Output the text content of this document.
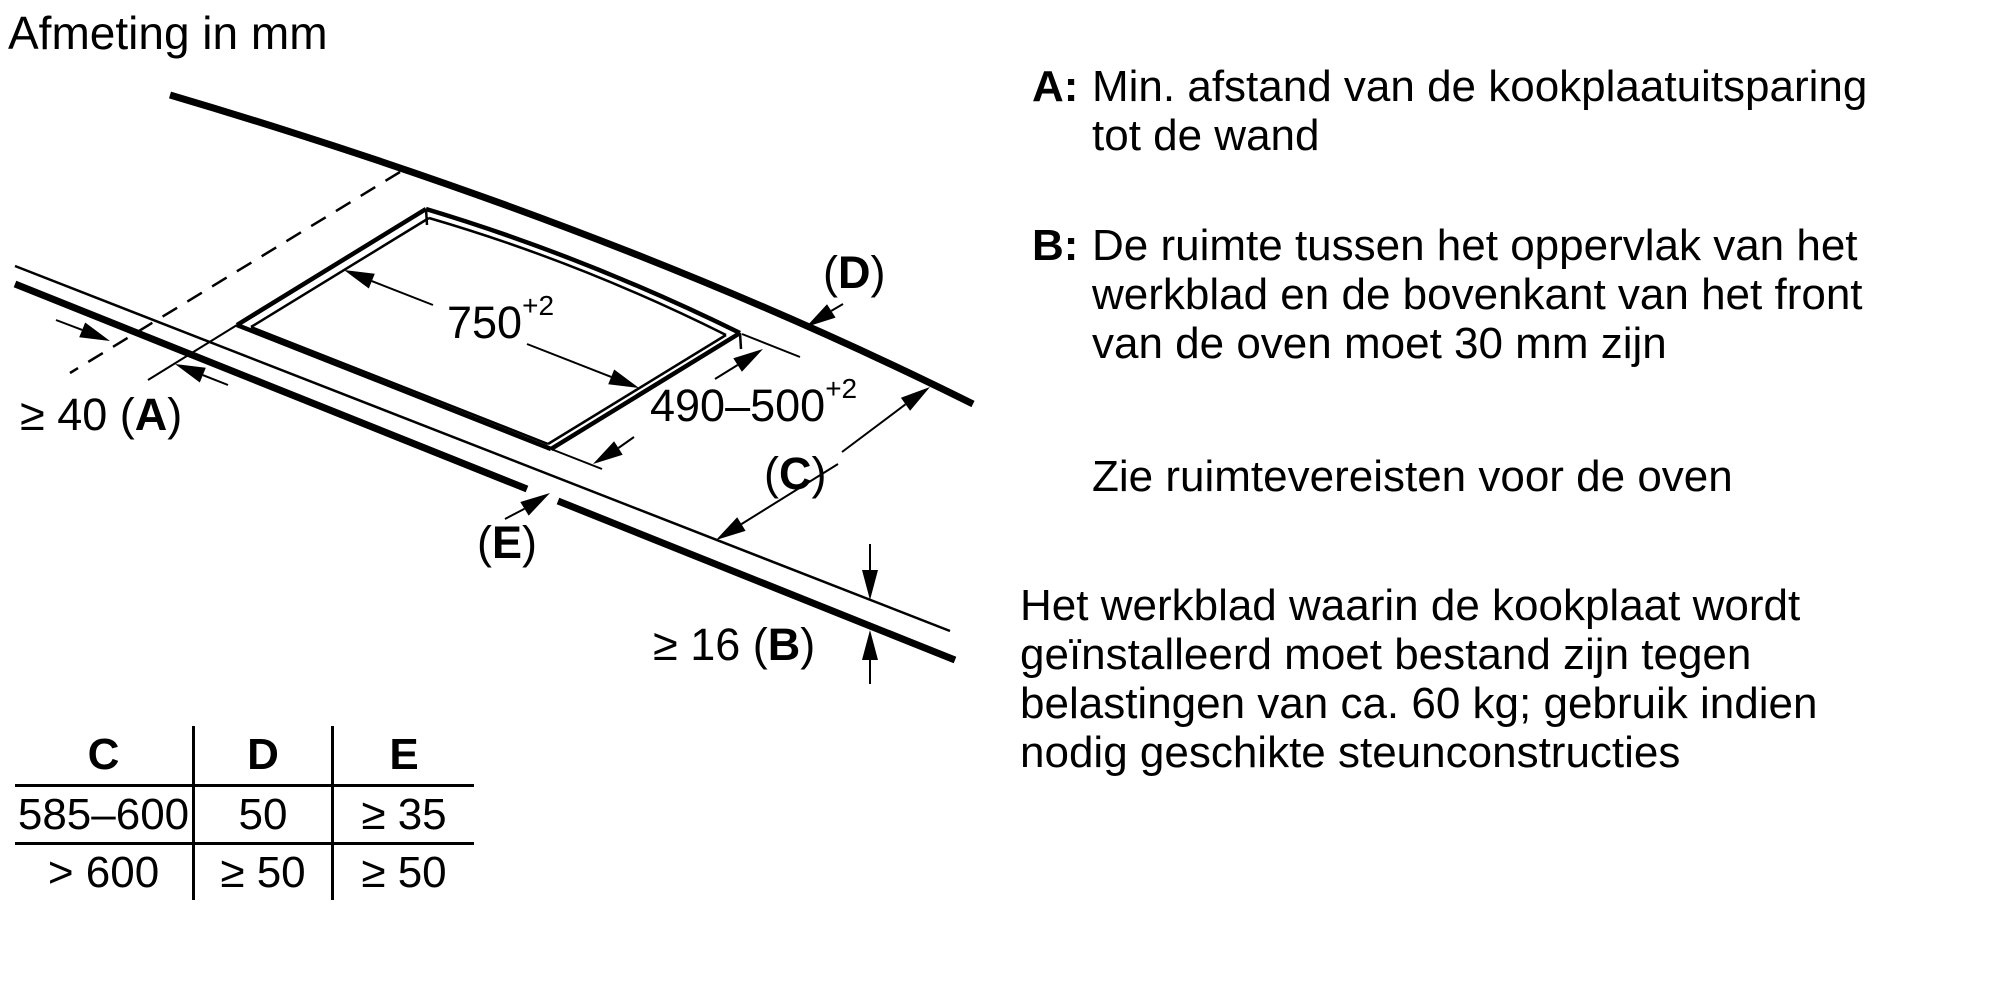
Afmeting in mm
$750^{+2}$
$490-500^{+2}$
≥ 40 (A)
≥ 16 (B)
(C)
(D)
(E)
C	D	E
585–600	50	≥ 35
> 600	≥ 50	≥ 50
A: Min. afstand van de kookplaatuitsparing
tot de wand
B: De ruimte tussen het oppervlak van het
werkblad en de bovenkant van het front
van de oven moet 30 mm zijn
Zie ruimtevereisten voor de oven
Het werkblad waarin de kookplaat wordt
geïnstalleerd moet bestand zijn tegen
belastingen van ca. 60 kg; gebruik indien
nodig geschikte steunconstructies
